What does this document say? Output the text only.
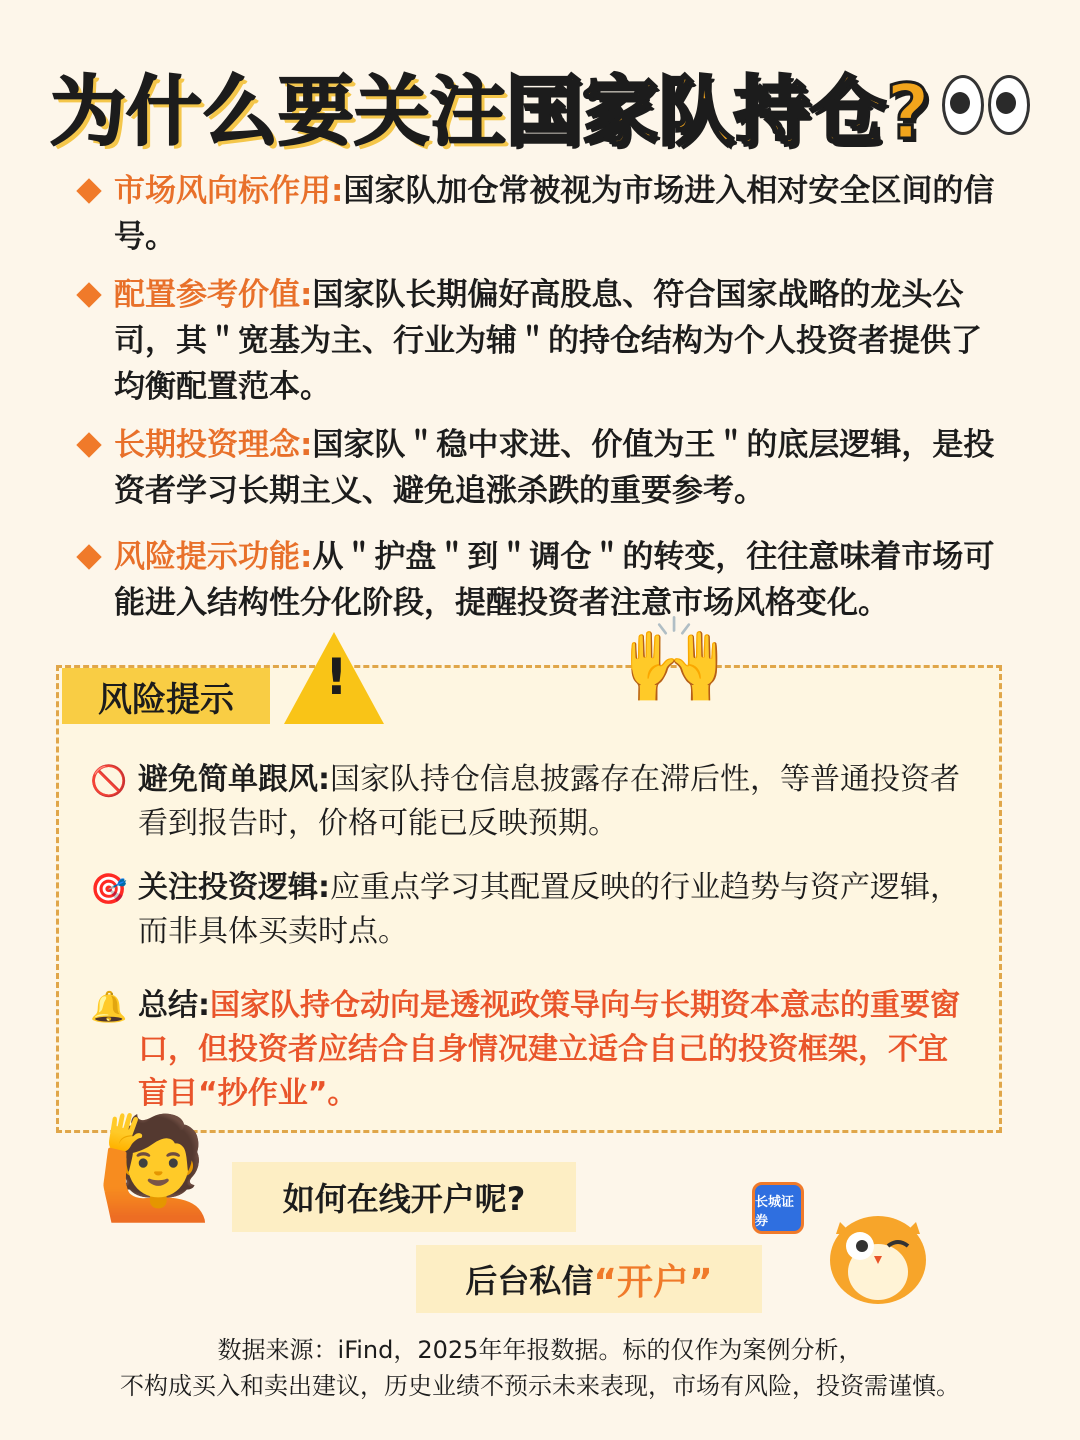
为什么要关注 国家队持仓?
市场风向标作用:国家队加仓常被视为市场进入相对安全区间的信号。
配置参考价值:国家队长期偏好高股息、符合国家战略的龙头公司，其＂宽基为主、行业为辅＂的持仓结构为个人投资者提供了均衡配置范本。
长期投资理念:国家队＂稳中求进、价值为王＂的底层逻辑，是投资者学习长期主义、避免追涨杀跌的重要参考。
风险提示功能:从＂护盘＂到＂调仓＂的转变，往往意味着市场可能进入结构性分化阶段，提醒投资者注意市场风格变化。
风险提示	!	🙌
🚫 避免简单跟风:国家队持仓信息披露存在滞后性，等普通投资者看到报告时，价格可能已反映预期。
🎯 关注投资逻辑:应重点学习其配置反映的行业趋势与资产逻辑，而非具体买卖时点。
🔔 总结:国家队持仓动向是透视政策导向与长期资本意志的重要窗口，但投资者应结合自身情况建立适合自己的投资框架，不宜盲目“抄作业”。
🙋	如何在线开户呢?
后台私信 “开户”
长城证券
数据来源：iFind，2025年年报数据。标的仅作为案例分析，
不构成买入和卖出建议，历史业绩不预示未来表现，市场有风险，投资需谨慎。
